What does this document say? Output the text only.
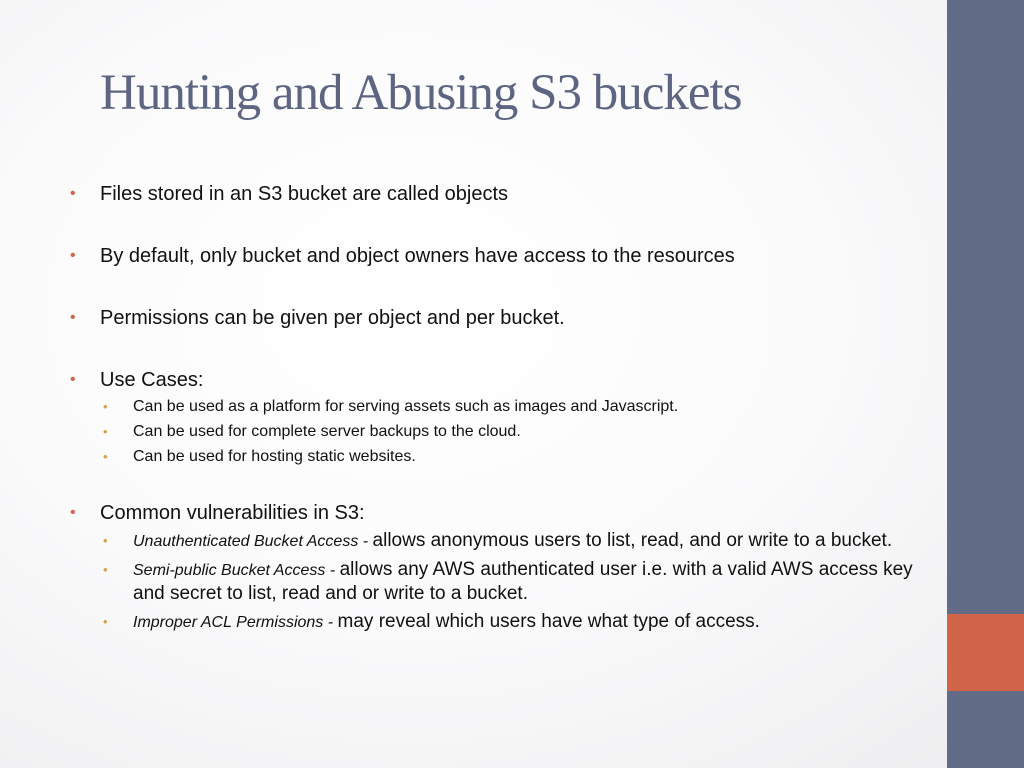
Hunting and Abusing S3 buckets
• Files stored in an S3 bucket are called objects
• By default, only bucket and object owners have access to the resources
• Permissions can be given per object and per bucket.
• Use Cases:
• Can be used as a platform for serving assets such as images and Javascript.
• Can be used for complete server backups to the cloud.
• Can be used for hosting static websites.
• Common vulnerabilities in S3:
• Unauthenticated Bucket Access - allows anonymous users to list, read, and or write to a bucket.
• Semi-public Bucket Access - allows any AWS authenticated user i.e. with a valid AWS access key and secret to list, read and or write to a bucket.
• Improper ACL Permissions - may reveal which users have what type of access.
